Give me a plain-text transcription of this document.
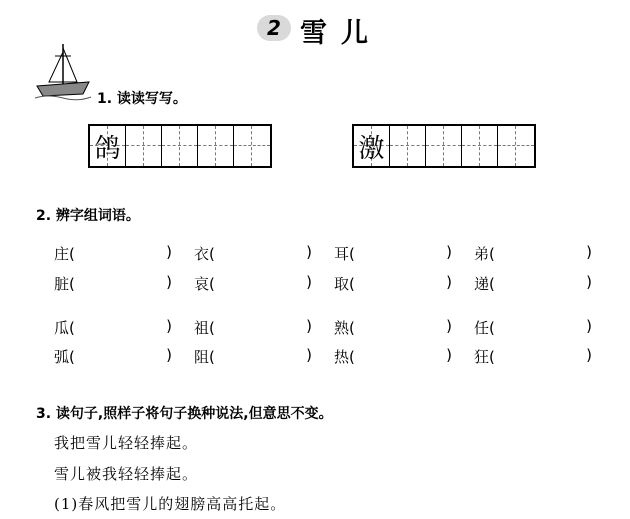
2 雪儿
1. 读读写写。
鸽	激
2. 辨字组词语。
庄(	) 衣(	) 耳(	) 弟(	)
脏(	) 哀(	) 取(	) 递(	)
瓜(	) 祖(	) 熟(	) 任(	)
弧(	) 阻(	) 热(	) 狂(	)
3. 读句子,照样子将句子换种说法,但意思不变。
我把雪儿轻轻捧起。
雪儿被我轻轻捧起。
(1)春风把雪儿的翅膀高高托起。
